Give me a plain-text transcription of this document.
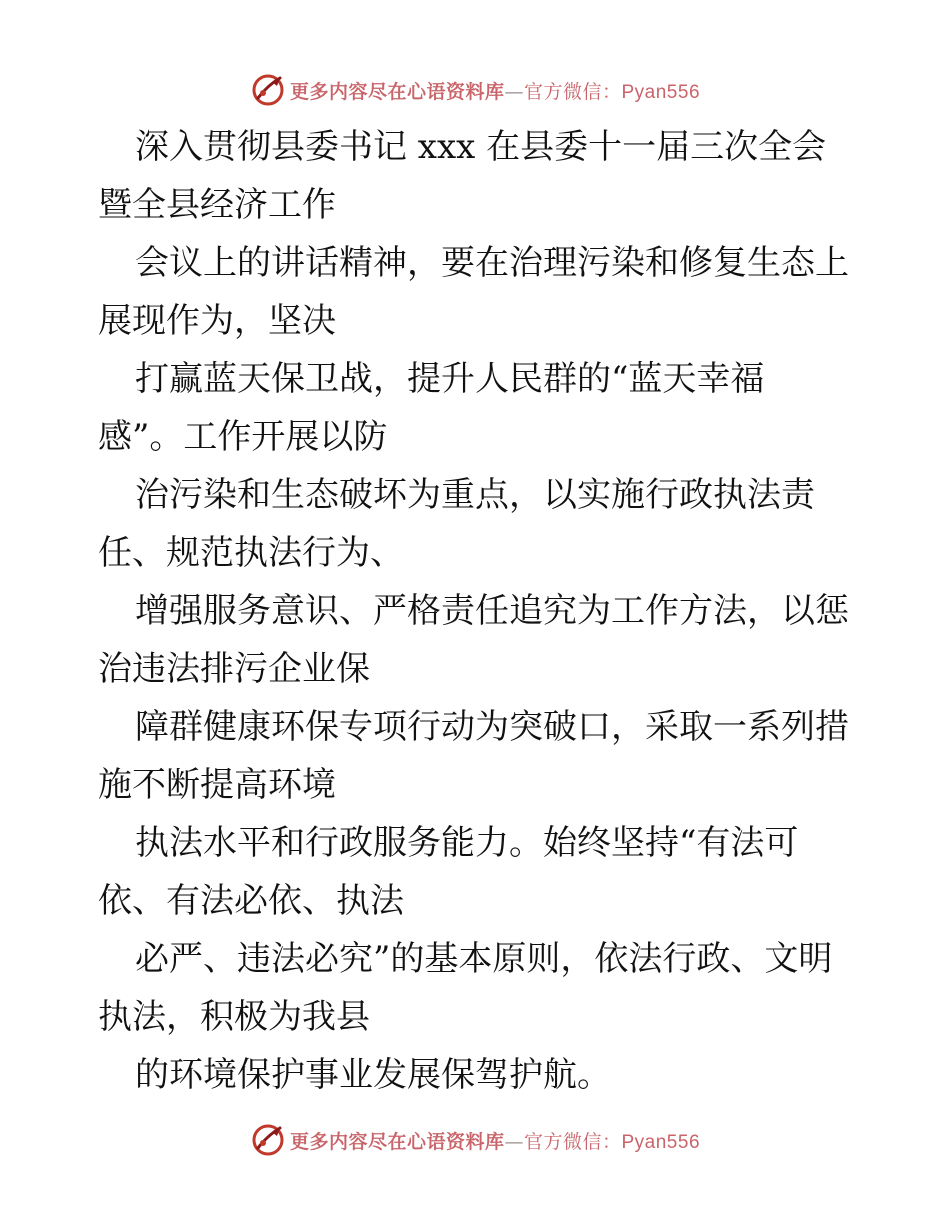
更多内容尽在心语资料库—官方微信：Pyan556

深入贯彻县委书记 xxx 在县委十一届三次全会
暨全县经济工作

会议上的讲话精神，要在治理污染和修复生态上
展现作为，坚决

打赢蓝天保卫战，提升人民群的“蓝天幸福
感”。工作开展以防

治污染和生态破坏为重点，以实施行政执法责
任、规范执法行为、

增强服务意识、严格责任追究为工作方法，以惩
治违法排污企业保

障群健康环保专项行动为突破口，采取一系列措
施不断提高环境

执法水平和行政服务能力。始终坚持“有法可
依、有法必依、执法

必严、违法必究”的基本原则，依法行政、文明
执法，积极为我县

的环境保护事业发展保驾护航。

更多内容尽在心语资料库—官方微信：Pyan556
